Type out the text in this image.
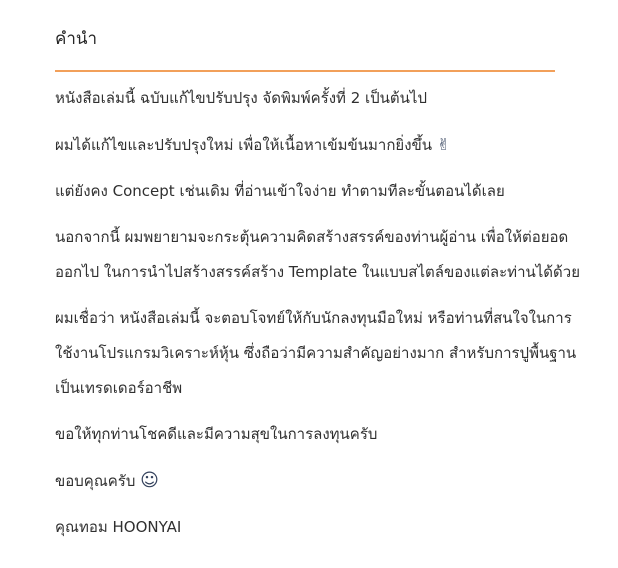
คำนำ

หนังสือเล่มนี้ ฉบับแก้ไขปรับปรุง จัดพิมพ์ครั้งที่ 2 เป็นต้นไป

ผมได้แก้ไขและปรับปรุงใหม่ เพื่อให้เนื้อหาเข้มข้นมากยิ่งขึ้น ✌

แต่ยังคง Concept เช่นเดิม ที่อ่านเข้าใจง่าย ทำตามทีละขั้นตอนได้เลย

นอกจากนี้ ผมพยายามจะกระตุ้นความคิดสร้างสรรค์ของท่านผู้อ่าน เพื่อให้ต่อยอด
ออกไป ในการนำไปสร้างสรรค์สร้าง Template ในแบบสไตล์ของแต่ละท่านได้ด้วย

ผมเชื่อว่า หนังสือเล่มนี้ จะตอบโจทย์ให้กับนักลงทุนมือใหม่ หรือท่านที่สนใจในการ
ใช้งานโปรแกรมวิเคราะห์หุ้น ซึ่งถือว่ามีความสำคัญอย่างมาก สำหรับการปูพื้นฐาน
เป็นเทรดเดอร์อาชีพ

ขอให้ทุกท่านโชคดีและมีความสุขในการลงทุนครับ

ขอบคุณครับ ☺

คุณทอม HOONYAI
